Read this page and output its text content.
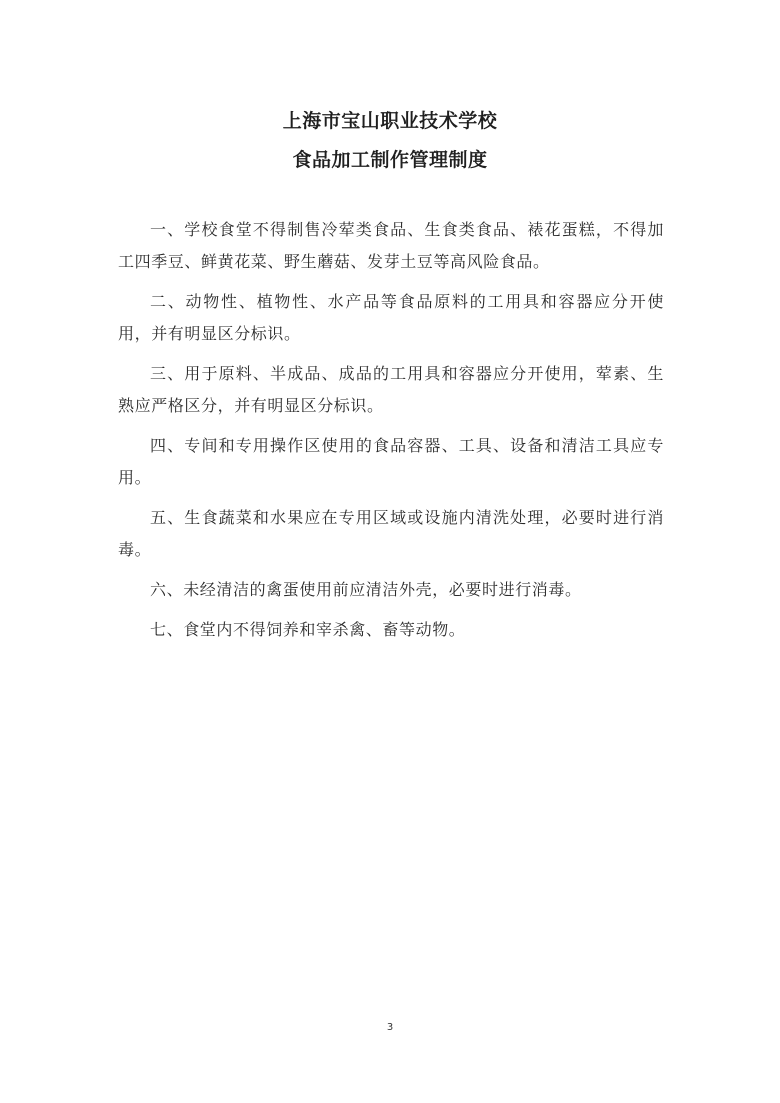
上海市宝山职业技术学校
食品加工制作管理制度

一、学校食堂不得制售冷荤类食品、生食类食品、裱花蛋糕，不得加工四季豆、鲜黄花菜、野生蘑菇、发芽土豆等高风险食品。

二、动物性、植物性、水产品等食品原料的工用具和容器应分开使用，并有明显区分标识。

三、用于原料、半成品、成品的工用具和容器应分开使用，荤素、生熟应严格区分，并有明显区分标识。

四、专间和专用操作区使用的食品容器、工具、设备和清洁工具应专用。

五、生食蔬菜和水果应在专用区域或设施内清洗处理，必要时进行消毒。

六、未经清洁的禽蛋使用前应清洁外壳，必要时进行消毒。

七、食堂内不得饲养和宰杀禽、畜等动物。

3
